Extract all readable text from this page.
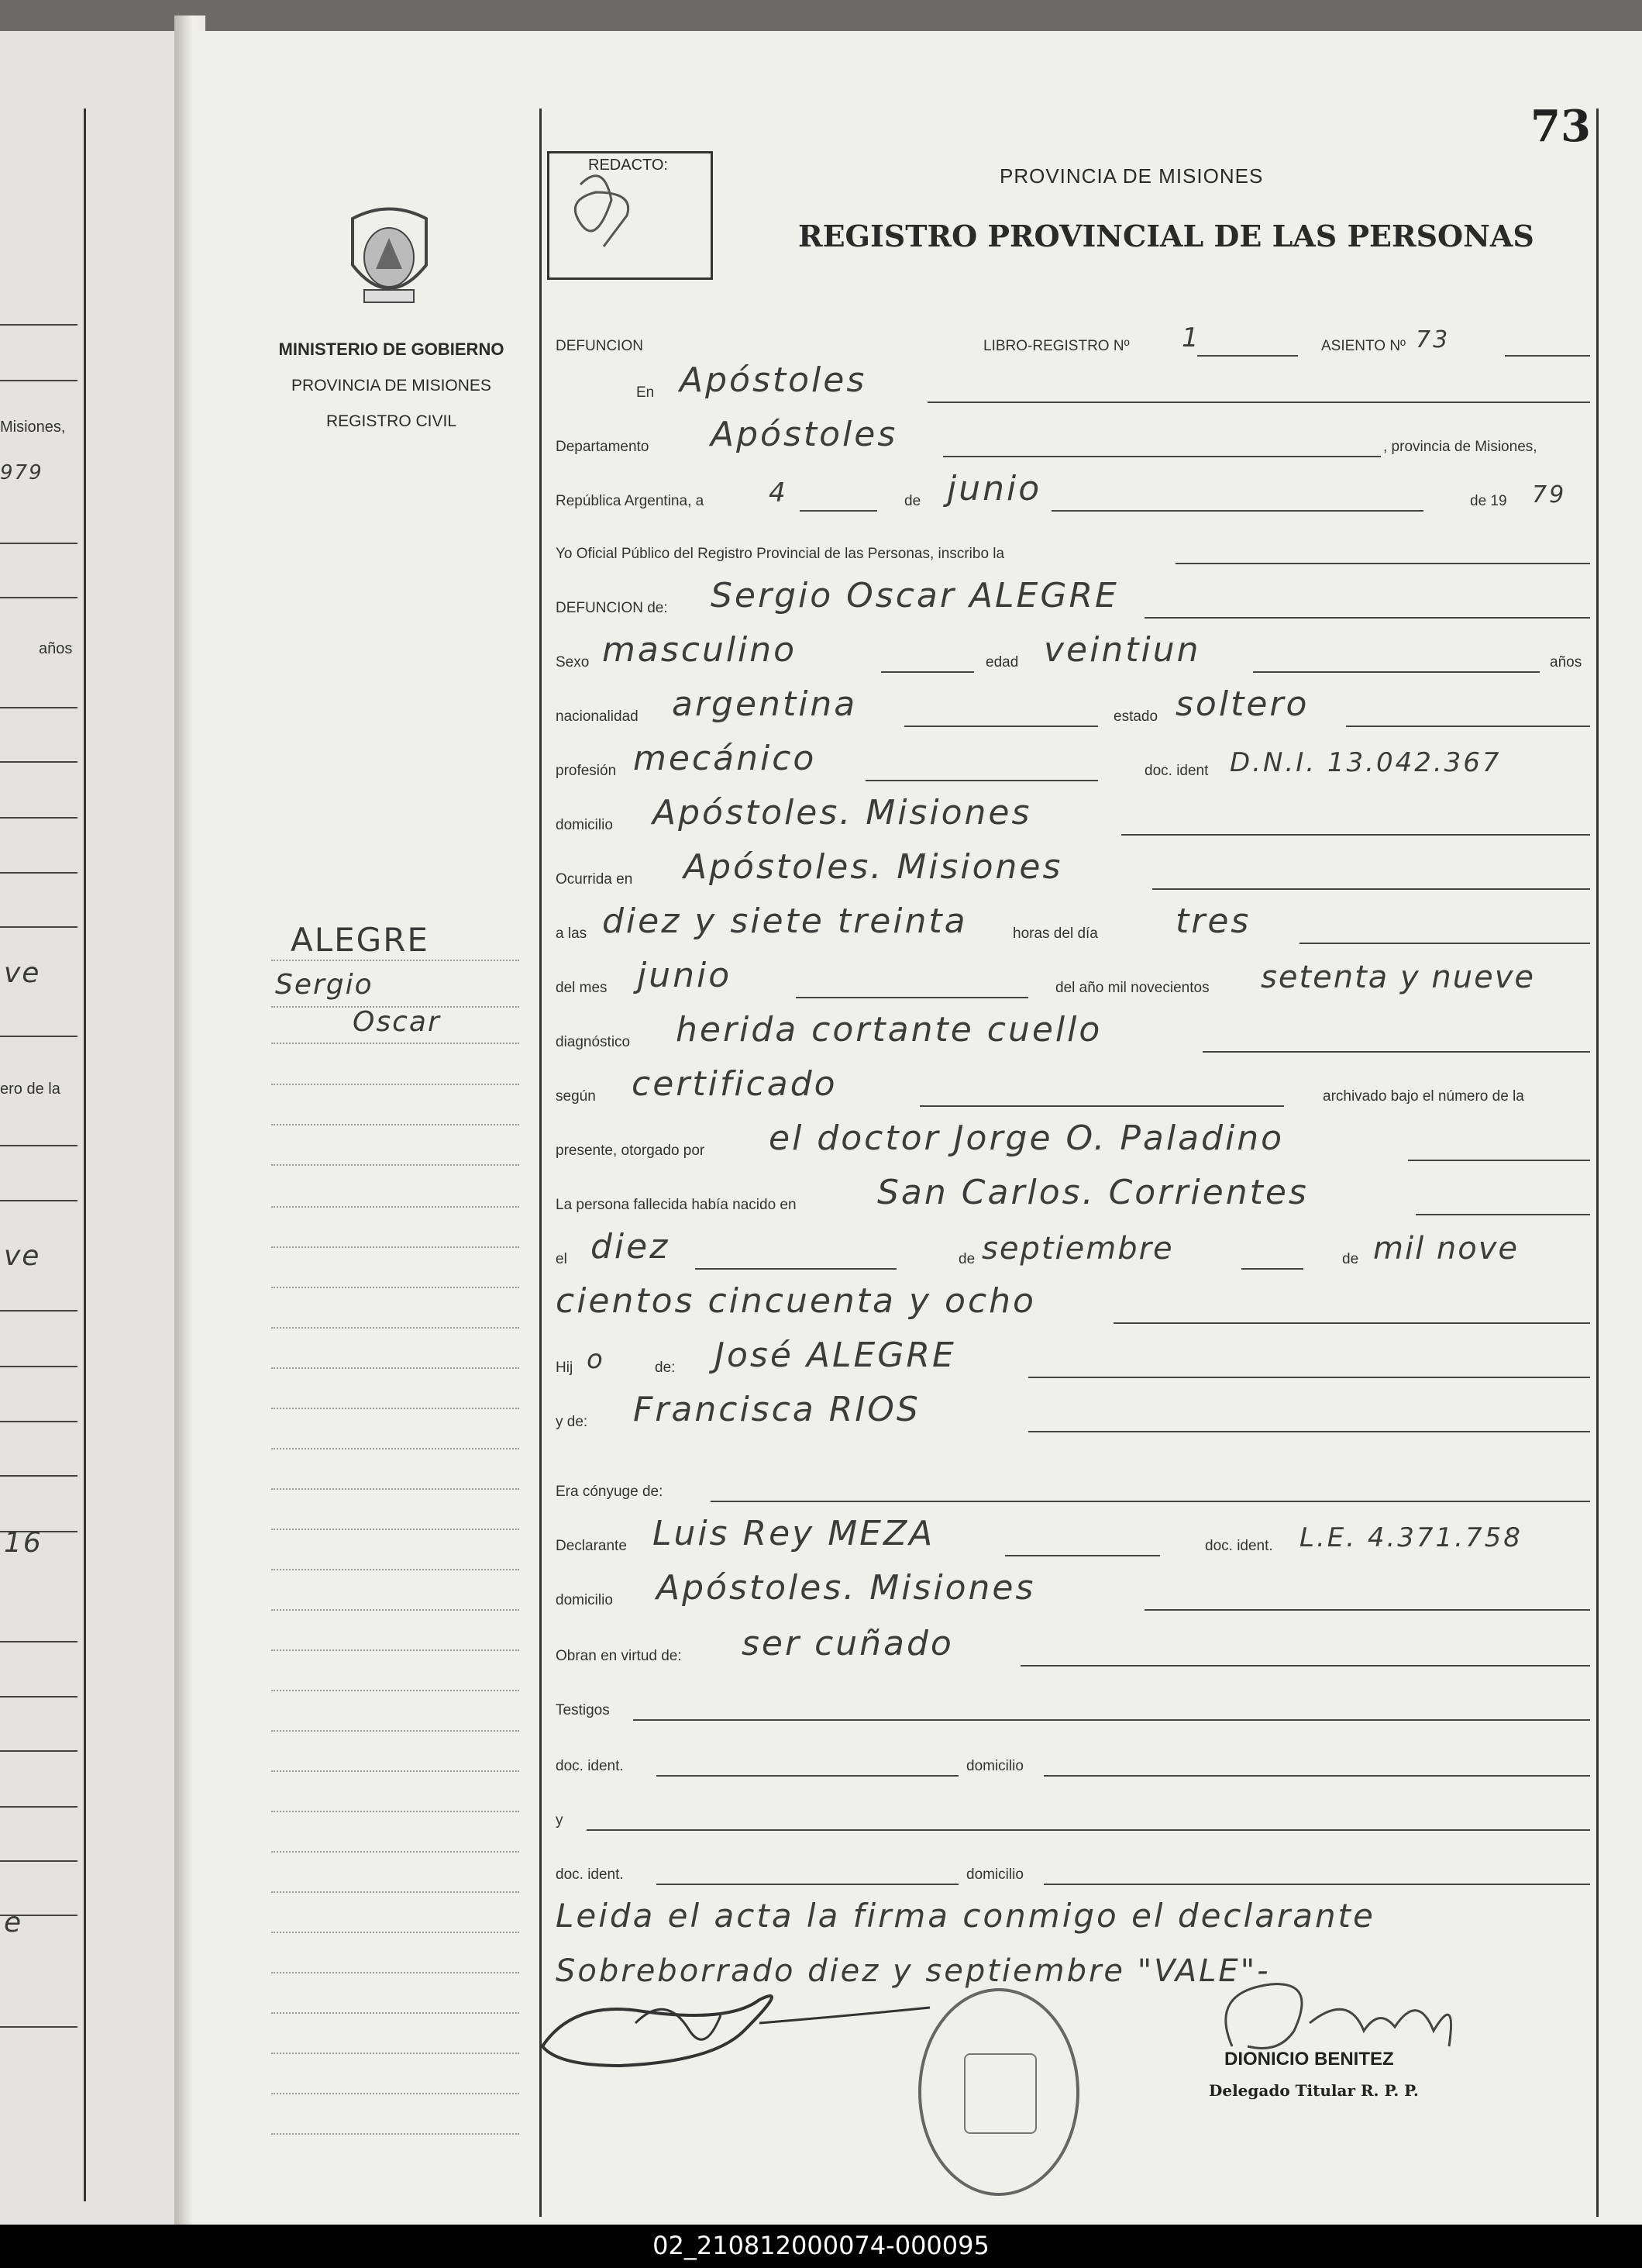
Misiones,
979
años
ve
ero de la
ve
16
e
MINISTERIO DE GOBIERNO
PROVINCIA DE MISIONES
REGISTRO CIVIL
ALEGRE
Sergio
Oscar
73
REDACTO:	PROVINCIA DE MISIONES
REGISTRO PROVINCIAL DE LAS PERSONAS
DEFUNCION	LIBRO-REGISTRO Nº 1	ASIENTO Nº 73
En Apóstoles
Departamento Apóstoles	, provincia de Misiones,
República Argentina, a 4	de junio	de 19 79
Yo Oficial Público del Registro Provincial de las Personas, inscribo la
DEFUNCION de: Sergio Oscar ALEGRE
Sexo masculino	edad veintiun	años
nacionalidad argentina	estado soltero
profesión mecánico	doc. ident D.N.I. 13.042.367
domicilio Apóstoles. Misiones
Ocurrida en Apóstoles. Misiones
a las diez y siete treinta	horas del día tres
del mes junio	del año mil novecientos setenta y nueve
diagnóstico herida cortante cuello
según certificado	archivado bajo el número de la
presente, otorgado por el doctor Jorge O. Paladino
La persona fallecida había nacido en San Carlos. Corrientes
el diez	de septiembre	de mil nove
cientos cincuenta y ocho
Hij o	de: José ALEGRE
y de: Francisca RIOS
Era cónyuge de:
Declarante Luis Rey MEZA	doc. ident. L.E. 4.371.758
domicilio Apóstoles. Misiones
Obran en virtud de: ser cuñado
Testigos
doc. ident.	domicilio
y
doc. ident.	domicilio
Leida el acta la firma conmigo el declarante
Sobreborrado diez y septiembre "VALE"-
DIONICIO BENITEZ
Delegado Titular R. P. P.
02_210812000074-000095
